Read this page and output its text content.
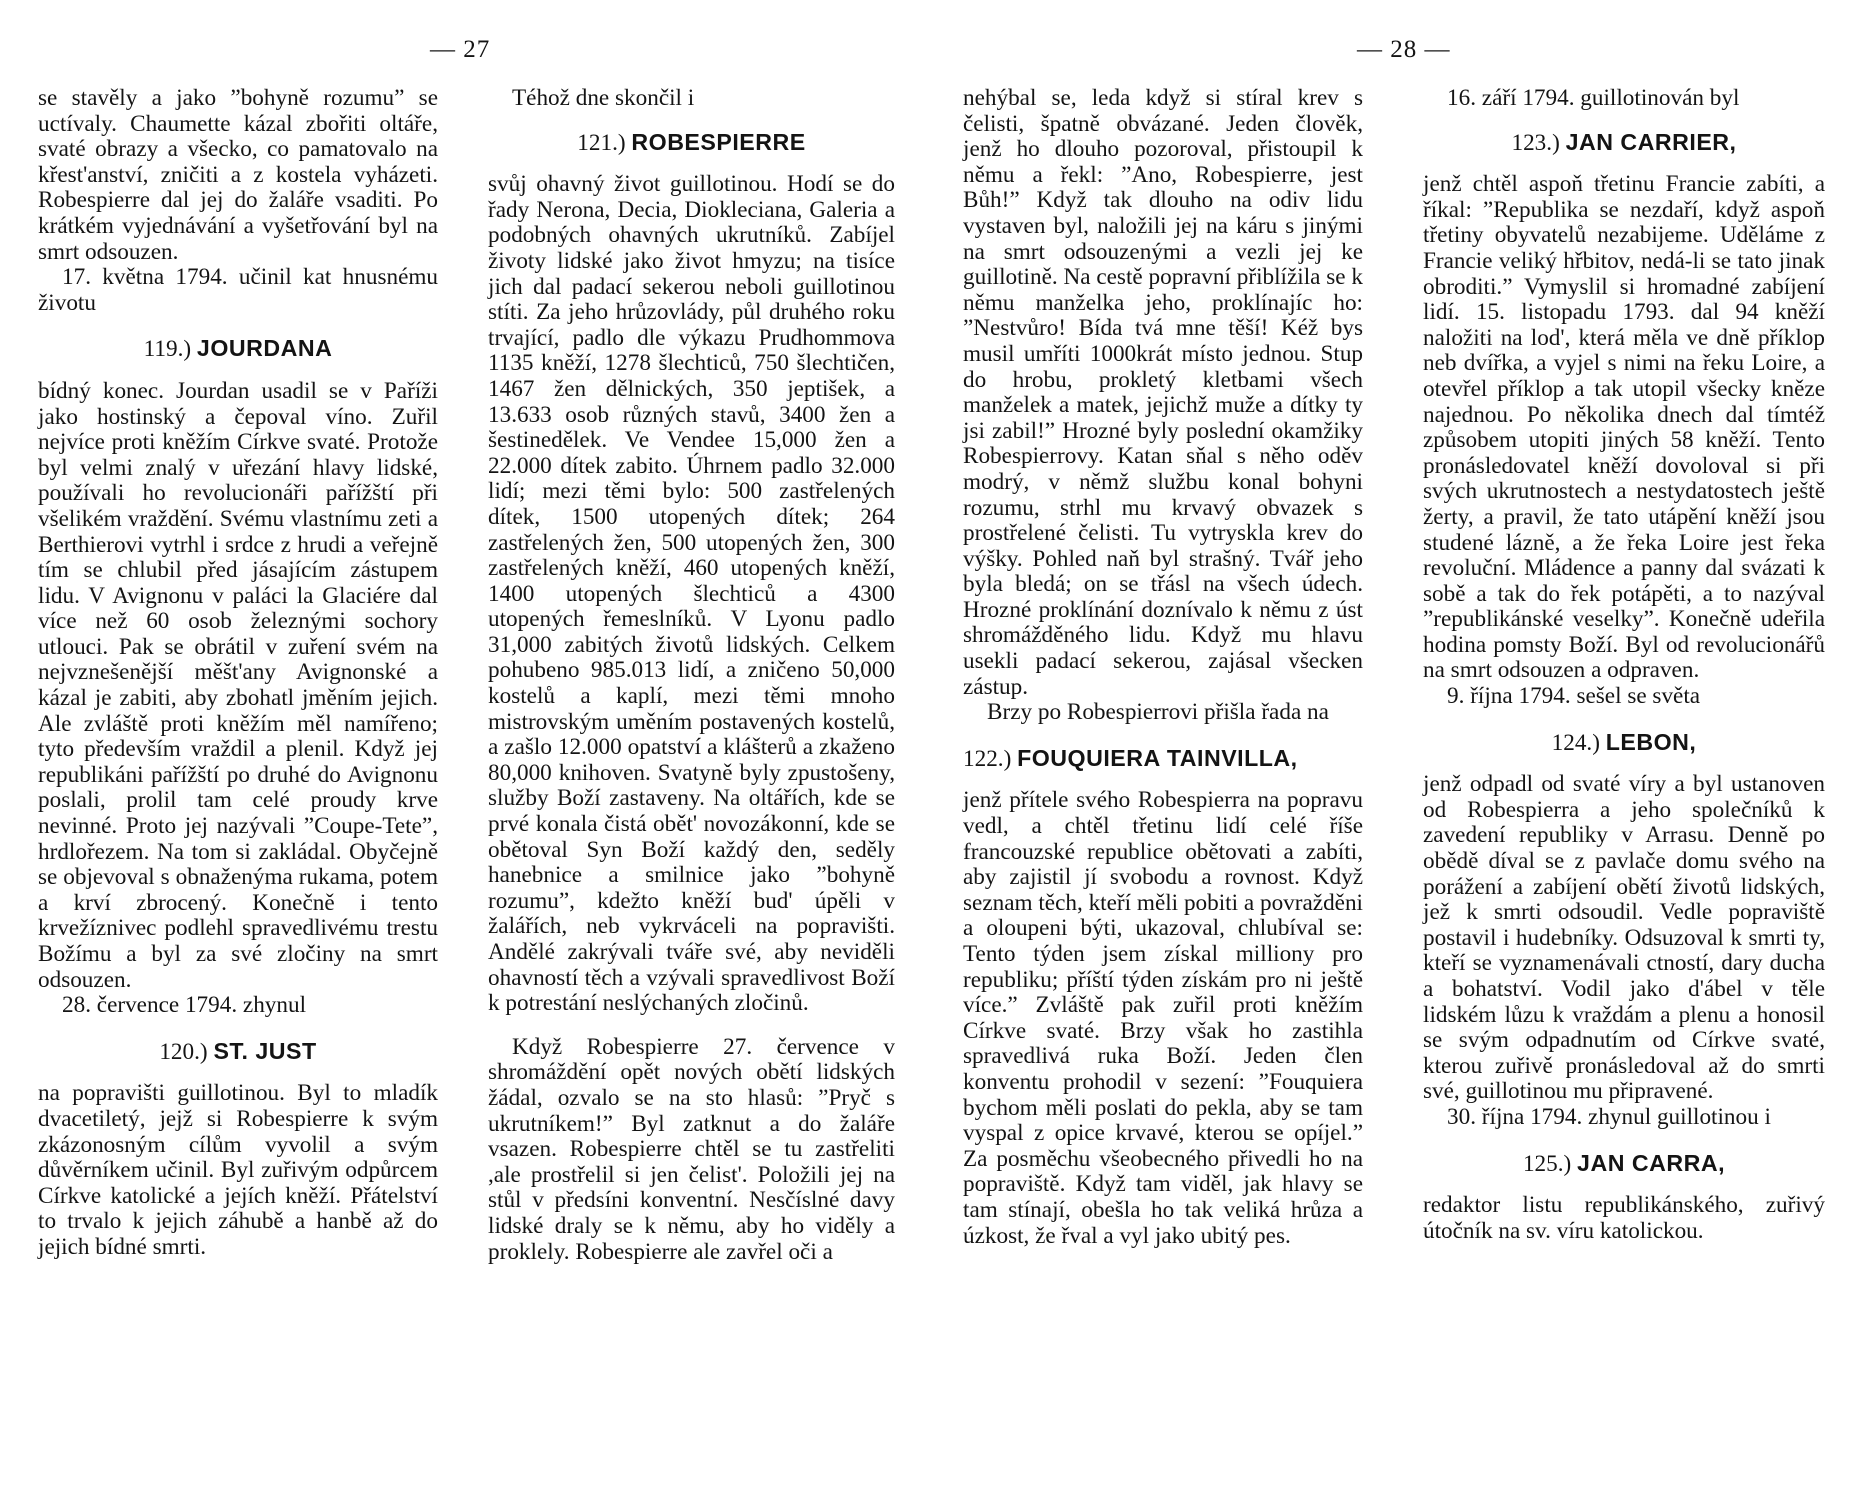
— 27	— 28 —

se stavěly a jako ”bohyně rozumu” se uctívaly. Chaumette kázal zbořiti oltáře, svaté obrazy a všecko, co pamatovalo na křest'anství, zničiti a z kostela vyházeti. Robespierre dal jej do žaláře vsaditi. Po krátkém vyjednávání a vyšetřování byl na smrt odsouzen.

17. května 1794. učinil kat hnusnému životu

119.) JOURDANA

bídný konec. Jourdan usadil se v Paříži jako hostinský a čepoval víno. Zuřil nejvíce proti kněžím Církve svaté. Protože byl velmi znalý v uřezání hlavy lidské, používali ho revolucionáři pařížští při všelikém vraždění. Svému vlastnímu zeti a Berthierovi vytrhl i srdce z hrudi a veřejně tím se chlubil před jásajícím zástupem lidu. V Avignonu v paláci la Glaciére dal více než 60 osob železnými sochory utlouci. Pak se obrátil v zuření svém na nejvznešenější měšt'any Avignonské a kázal je zabiti, aby zbohatl jměním jejich. Ale zvláště proti kněžím měl namířeno; tyto především vraždil a plenil. Když jej republikáni pařížští po druhé do Avignonu poslali, prolil tam celé proudy krve nevinné. Proto jej nazývali ”Coupe-Tete”, hrdlořezem. Na tom si zakládal. Obyčejně se objevoval s obnaženýma rukama, potem a krví zbrocený. Konečně i tento krvežíznivec podlehl spravedlivému trestu Božímu a byl za své zločiny na smrt odsouzen.

28. července 1794. zhynul

120.) ST. JUST

na popravišti guillotinou. Byl to mladík dvacetiletý, jejž si Robespierre k svým zkázonosným cílům vyvolil a svým důvěrníkem učinil. Byl zuřivým odpůrcem Církve katolické a jejích kněží. Přátelství to trvalo k jejich záhubě a hanbě až do jejich bídné smrti.

Téhož dne skončil i

121.) ROBESPIERRE

svůj ohavný život guillotinou. Hodí se do řady Nerona, Decia, Diokleciana, Galeria a podobných ohavných ukrutníků. Zabíjel životy lidské jako život hmyzu; na tisíce jich dal padací sekerou neboli guillotinou stíti. Za jeho hrůzovlády, půl druhého roku trvající, padlo dle výkazu Prudhommova 1135 kněží, 1278 šlechticů, 750 šlechtičen, 1467 žen dělnických, 350 jeptišek, a 13.633 osob různých stavů, 3400 žen a šestinedělek. Ve Vendee 15,000 žen a 22.000 dítek zabito. Úhrnem padlo 32.000 lidí; mezi těmi bylo: 500 zastřelených dítek, 1500 utopených dítek; 264 zastřelených žen, 500 utopených žen, 300 zastřelených kněží, 460 utopených kněží, 1400 utopených šlechticů a 4300 utopených řemeslníků. V Lyonu padlo 31,000 zabitých životů lidských. Celkem pohubeno 985.013 lidí, a zničeno 50,000 kostelů a kaplí, mezi těmi mnoho mistrovským uměním postavených kostelů, a zašlo 12.000 opatství a klášterů a zkaženo 80,000 knihoven. Svatyně byly zpustošeny, služby Boží zastaveny. Na oltářích, kde se prvé konala čistá obět' novozákonní, kde se obětoval Syn Boží každý den, seděly hanebnice a smilnice jako ”bohyně rozumu”, kdežto kněží bud' úpěli v žalářích, neb vykrváceli na popravišti. Andělé zakrývali tváře své, aby neviděli ohavností těch a vzývali spravedlivost Boží k potrestání neslýchaných zločinů.

Když Robespierre 27. července v shromáždění opět nových obětí lidských žádal, ozvalo se na sto hlasů: ”Pryč s ukrutníkem!” Byl zatknut a do žaláře vsazen. Robespierre chtěl se tu zastřeliti ,ale prostřelil si jen čelist'. Položili jej na stůl v předsíni konventní. Nesčíslné davy lidské draly se k němu, aby ho viděly a proklely. Robespierre ale zavřel oči a

nehýbal se, leda když si stíral krev s čelisti, špatně obvázané. Jeden člověk, jenž ho dlouho pozoroval, přistoupil k němu a řekl: ”Ano, Robespierre, jest Bůh!” Když tak dlouho na odiv lidu vystaven byl, naložili jej na káru s jinými na smrt odsouzenými a vezli jej ke guillotině. Na cestě popravní přiblížila se k němu manželka jeho, proklínajíc ho: ”Nestvůro! Bída tvá mne těší! Kéž bys musil umříti 1000krát místo jednou. Stup do hrobu, prokletý kletbami všech manželek a matek, jejichž muže a dítky ty jsi zabil!” Hrozné byly poslední okamžiky Robespierrovy. Katan sňal s něho oděv modrý, v němž službu konal bohyni rozumu, strhl mu krvavý obvazek s prostřelené čelisti. Tu vytryskla krev do výšky. Pohled naň byl strašný. Tvář jeho byla bledá; on se třásl na všech údech. Hrozné proklínání doznívalo k němu z úst shromážděného lidu. Když mu hlavu usekli padací sekerou, zajásal všecken zástup.

Brzy po Robespierrovi přišla řada na

122.) FOUQUIERA TAINVILLA,

jenž přítele svého Robespierra na popravu vedl, a chtěl třetinu lidí celé říše francouzské republice obětovati a zabíti, aby zajistil jí svobodu a rovnost. Když seznam těch, kteří měli pobiti a povražděni a oloupeni býti, ukazoval, chlubíval se: Tento týden jsem získal milliony pro republiku; příští týden získám pro ni ještě více.” Zvláště pak zuřil proti kněžím Církve svaté. Brzy však ho zastihla spravedlivá ruka Boží. Jeden člen konventu prohodil v sezení: ”Fouquiera bychom měli poslati do pekla, aby se tam vyspal z opice krvavé, kterou se opíjel.” Za posměchu všeobecného přivedli ho na popraviště. Když tam viděl, jak hlavy se tam stínají, obešla ho tak veliká hrůza a úzkost, že řval a vyl jako ubitý pes.

16. září 1794. guillotinován byl

123.) JAN CARRIER,

jenž chtěl aspoň třetinu Francie zabíti, a říkal: ”Republika se nezdaří, když aspoň třetiny obyvatelů nezabijeme. Uděláme z Francie veliký hřbitov, nedá-li se tato jinak obroditi.” Vymyslil si hromadné zabíjení lidí. 15. listopadu 1793. dal 94 kněží naložiti na lod', která měla ve dně příklop neb dvířka, a vyjel s nimi na řeku Loire, a otevřel příklop a tak utopil všecky kněze najednou. Po několika dnech dal tímtéž způsobem utopiti jiných 58 kněží. Tento pronásledovatel kněží dovoloval si při svých ukrutnostech a nestydatostech ještě žerty, a pravil, že tato utápění kněží jsou studené lázně, a že řeka Loire jest řeka revoluční. Mládence a panny dal svázati k sobě a tak do řek potápěti, a to nazýval ”republikánské veselky”. Konečně udeřila hodina pomsty Boží. Byl od revolucionářů na smrt odsouzen a odpraven.

9. října 1794. sešel se světa

124.) LEBON,

jenž odpadl od svaté víry a byl ustanoven od Robespierra a jeho společníků k zavedení republiky v Arrasu. Denně po obědě díval se z pavlače domu svého na porážení a zabíjení obětí životů lidských, jež k smrti odsoudil. Vedle popraviště postavil i hudebníky. Odsuzoval k smrti ty, kteří se vyznamenávali ctností, dary ducha a bohatství. Vodil jako d'ábel v těle lidském lůzu k vraždám a plenu a honosil se svým odpadnutím od Církve svaté, kterou zuřivě pronásledoval až do smrti své, guillotinou mu připravené.

30. října 1794. zhynul guillotinou i

125.) JAN CARRA,

redaktor listu republikánského, zuřivý útočník na sv. víru katolickou.
